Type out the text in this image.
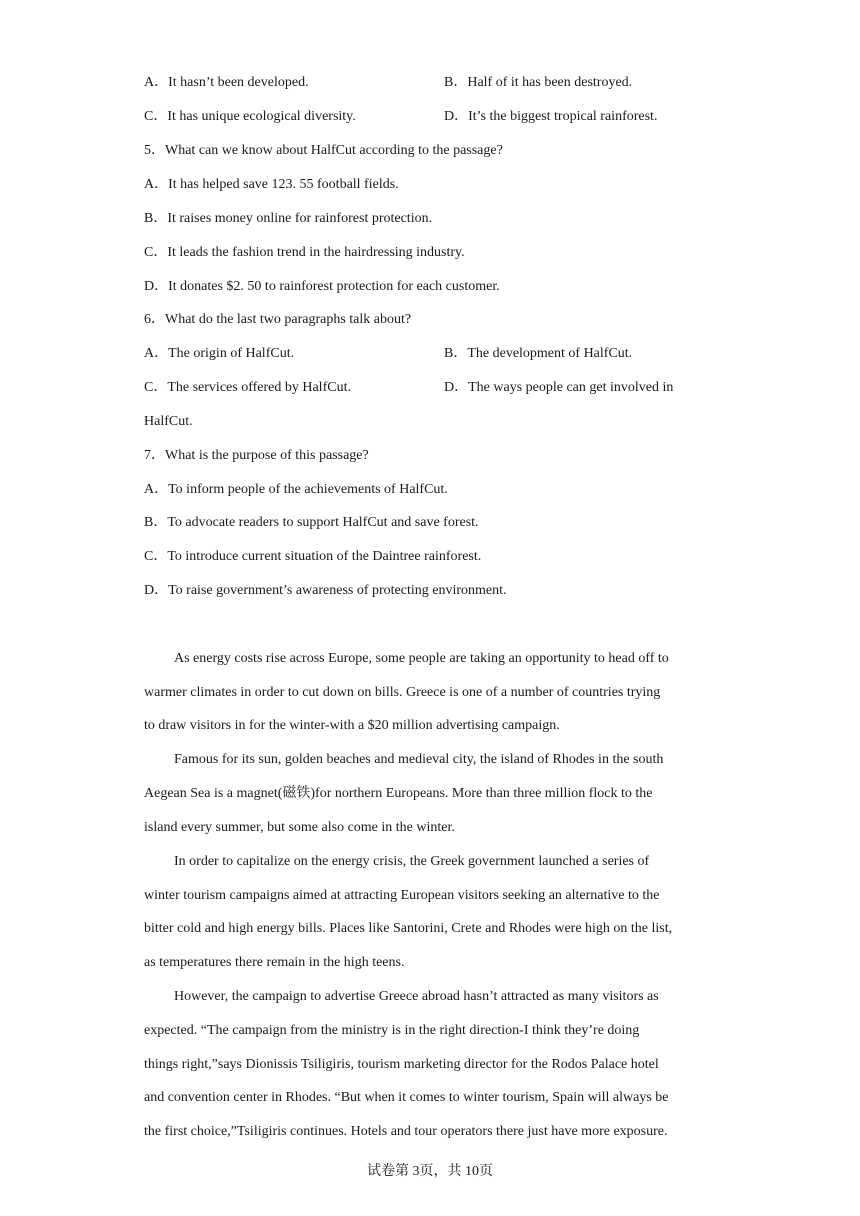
A．It hasn’t been developed.	B．Half of it has been destroyed.
C．It has unique ecological diversity.	D．It’s the biggest tropical rainforest.
5．What can we know about HalfCut according to the passage?
A．It has helped save 123. 55 football fields.
B．It raises money online for rainforest protection.
C．It leads the fashion trend in the hairdressing industry.
D．It donates $2. 50 to rainforest protection for each customer.
6．What do the last two paragraphs talk about?
A．The origin of HalfCut.	B．The development of HalfCut.
C．The services offered by HalfCut.	D．The ways people can get involved in
HalfCut.
7．What is the purpose of this passage?
A．To inform people of the achievements of HalfCut.
B．To advocate readers to support HalfCut and save forest.
C．To introduce current situation of the Daintree rainforest.
D．To raise government’s awareness of protecting environment.
As energy costs rise across Europe, some people are taking an opportunity to head off to
warmer climates in order to cut down on bills. Greece is one of a number of countries trying
to draw visitors in for the winter-with a $20 million advertising campaign.
Famous for its sun, golden beaches and medieval city, the island of Rhodes in the south
Aegean Sea is a magnet(磁铁)for northern Europeans. More than three million flock to the
island every summer, but some also come in the winter.
In order to capitalize on the energy crisis, the Greek government launched a series of
winter tourism campaigns aimed at attracting European visitors seeking an alternative to the
bitter cold and high energy bills. Places like Santorini, Crete and Rhodes were high on the list,
as temperatures there remain in the high teens.
However, the campaign to advertise Greece abroad hasn’t attracted as many visitors as
expected. “The campaign from the ministry is in the right direction-I think they’re doing
things right,”says Dionissis Tsiligiris, tourism marketing director for the Rodos Palace hotel
and convention center in Rhodes. “But when it comes to winter tourism, Spain will always be
the first choice,”Tsiligiris continues. Hotels and tour operators there just have more exposure.
试卷第 3页，共 10页
